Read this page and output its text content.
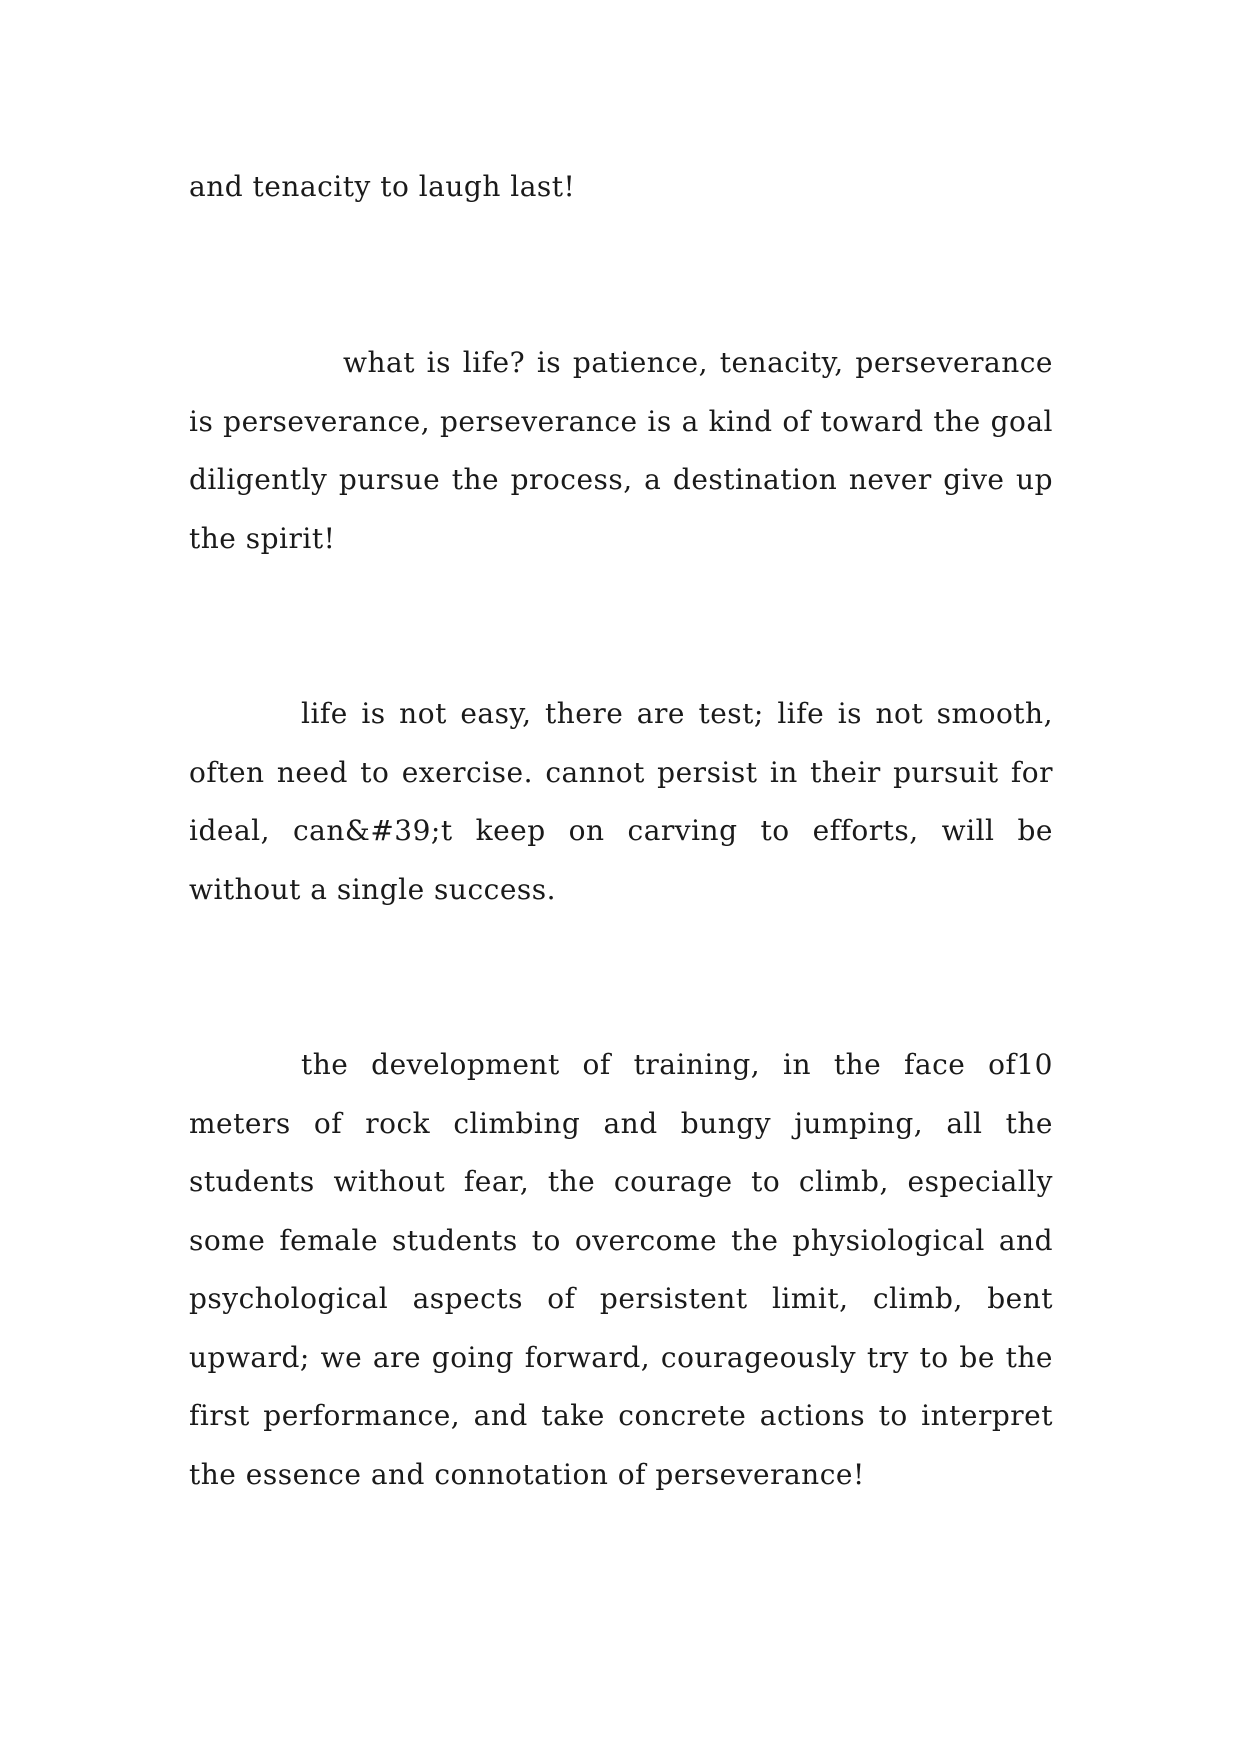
and tenacity to laugh last!

what is life? is patience, tenacity, perseverance is perseverance, perseverance is a kind of toward the goal diligently pursue the process, a destination never give up the spirit!

life is not easy, there are test; life is not smooth, often need to exercise. cannot persist in their pursuit for ideal, can&#39;t keep on carving to efforts, will be without a single success.

the development of training, in the face of10 meters of rock climbing and bungy jumping, all the students without fear, the courage to climb, especially some female students to overcome the physiological and psychological aspects of persistent limit, climb, bent upward; we are going forward, courageously try to be the first performance, and take concrete actions to interpret the essence and connotation of perseverance!
